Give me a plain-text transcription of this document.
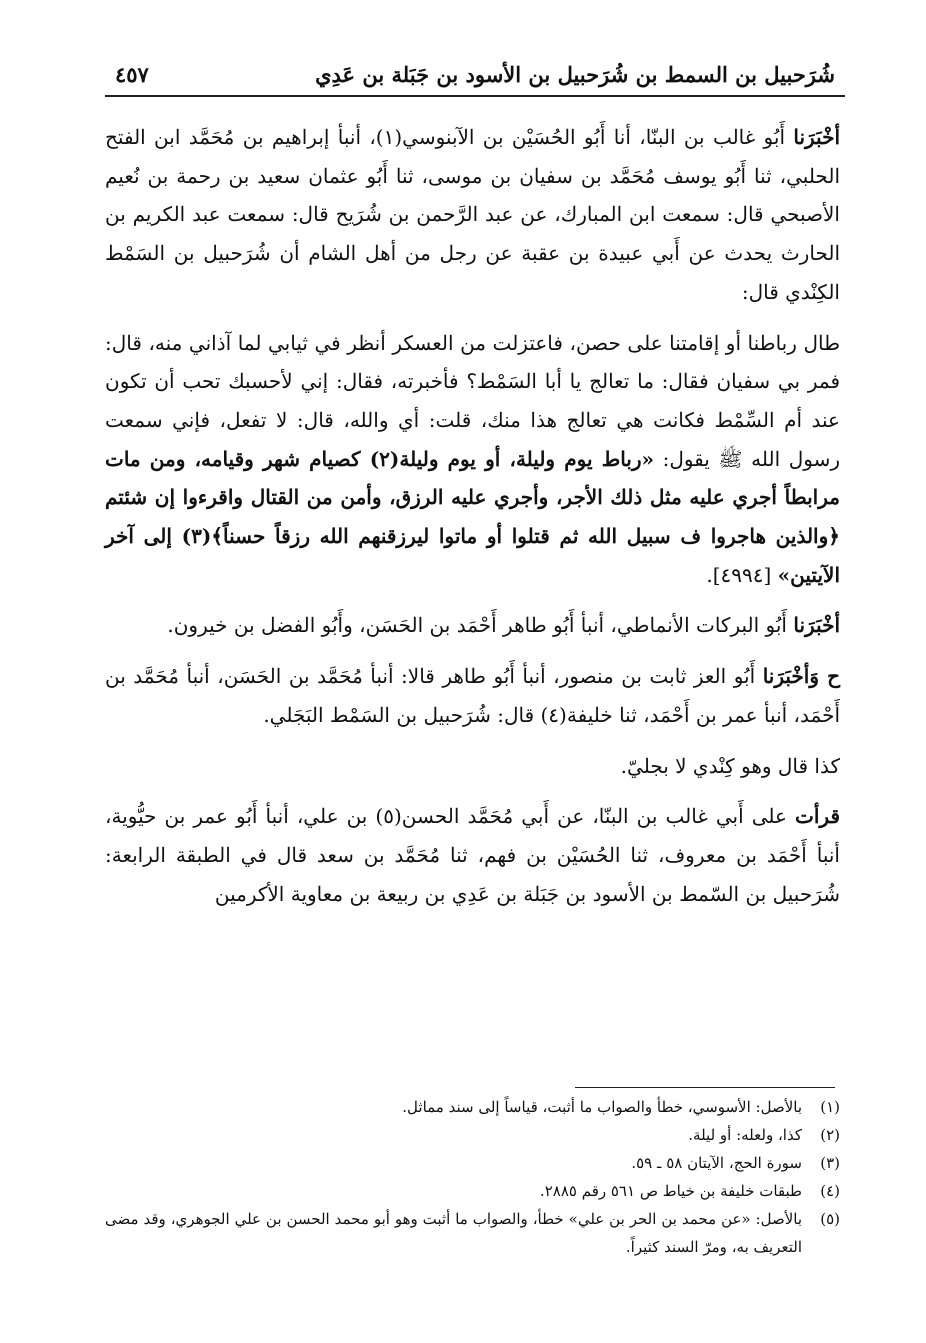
شُرَحبيل بن السمط بن شُرَحبيل بن الأسود بن جَبَلة بن عَدِي
٤٥٧
أخْبَرَنا أَبُو غالب بن البنّا، أنا أَبُو الحُسَيْن بن الآبنوسي(١)، أنبأ إبراهيم بن مُحَمَّد ابن الفتح الحلبي، ثنا أَبُو يوسف مُحَمَّد بن سفيان بن موسى، ثنا أَبُو عثمان سعيد بن رحمة بن نُعيم الأصبحي قال: سمعت ابن المبارك، عن عبد الرَّحمن بن شُرَيح قال: سمعت عبد الكريم بن الحارث يحدث عن أَبي عبيدة بن عقبة عن رجل من أهل الشام أن شُرَحبيل بن السَمْط الكِنْدي قال:
طال رباطنا أو إقامتنا على حصن، فاعتزلت من العسكر أنظر في ثيابي لما آذاني منه، قال: فمر بي سفيان فقال: ما تعالج يا أبا السَمْط؟ فأخبرته، فقال: إني لأحسبك تحب أن تكون عند أم السِّمْط فكانت هي تعالج هذا منك، قلت: أي والله، قال: لا تفعل، فإني سمعت رسول الله ﷺ يقول: «رباط يوم وليلة، أو يوم وليلة(٢) كصيام شهر وقيامه، ومن مات مرابطاً أجري عليه مثل ذلك الأجر، وأجري عليه الرزق، وأمن من القتال واقرءوا إن شئتم ﴿والذين هاجروا ف سبيل الله ثم قتلوا أو ماتوا ليرزقنهم الله رزقاً حسناً﴾(٣) إلى آخر الآيتين» [٤٩٩٤].
أخْبَرَنا أَبُو البركات الأنماطي، أنبأ أَبُو طاهر أَحْمَد بن الحَسَن، وأَبُو الفضل بن خيرون.
ح وَأخْبَرَنا أَبُو العز ثابت بن منصور، أنبأ أَبُو طاهر قالا: أنبأ مُحَمَّد بن الحَسَن، أنبأ مُحَمَّد بن أَحْمَد، أنبأ عمر بن أَحْمَد، ثنا خليفة(٤) قال: شُرَحبيل بن السَمْط البَجَلي.
كذا قال وهو كِنْدي لا بجليّ.
قرأت على أَبي غالب بن البنّا، عن أَبي مُحَمَّد الحسن(٥) بن علي، أنبأ أَبُو عمر بن حيُّوية، أنبأ أَحْمَد بن معروف، ثنا الحُسَيْن بن فهم، ثنا مُحَمَّد بن سعد قال في الطبقة الرابعة: شُرَحبيل بن السّمط بن الأسود بن جَبَلة بن عَدِي بن ربيعة بن معاوية الأكرمين
(١)
بالأصل: الأسوسي، خطأ والصواب ما أثبت، قياساً إلى سند مماثل.
(٢)
كذا، ولعله: أو ليلة.
(٣)
سورة الحج، الآيتان ٥٨ ـ ٥٩.
(٤)
طبقات خليفة بن خياط ص ٥٦١ رقم ٢٨٨٥.
(٥)
بالأصل: «عن محمد بن الحر بن علي» خطأ، والصواب ما أثبت وهو أبو محمد الحسن بن علي الجوهري، وقد مضى التعريف به، ومرّ السند كثيراً.
